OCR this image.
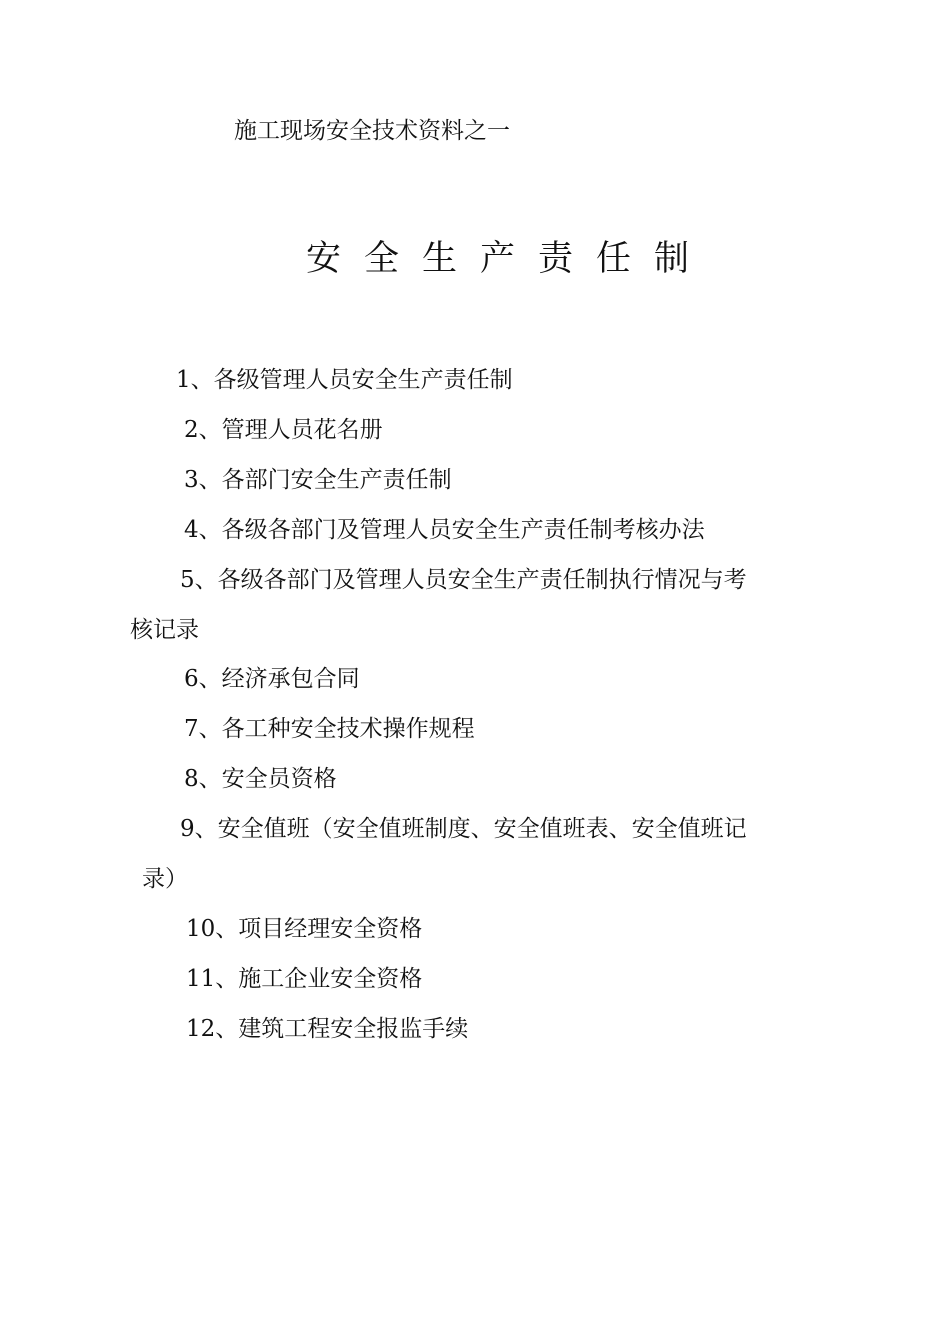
施工现场安全技术资料之一
安全生产责任制
1、各级管理人员安全生产责任制
2、管理人员花名册
3、各部门安全生产责任制
4、各级各部门及管理人员安全生产责任制考核办法
5、各级各部门及管理人员安全生产责任制执行情况与考
核记录
6、经济承包合同
7、各工种安全技术操作规程
8、安全员资格
9、安全值班（安全值班制度、安全值班表、安全值班记
录）
10、项目经理安全资格
11、施工企业安全资格
12、建筑工程安全报监手续
